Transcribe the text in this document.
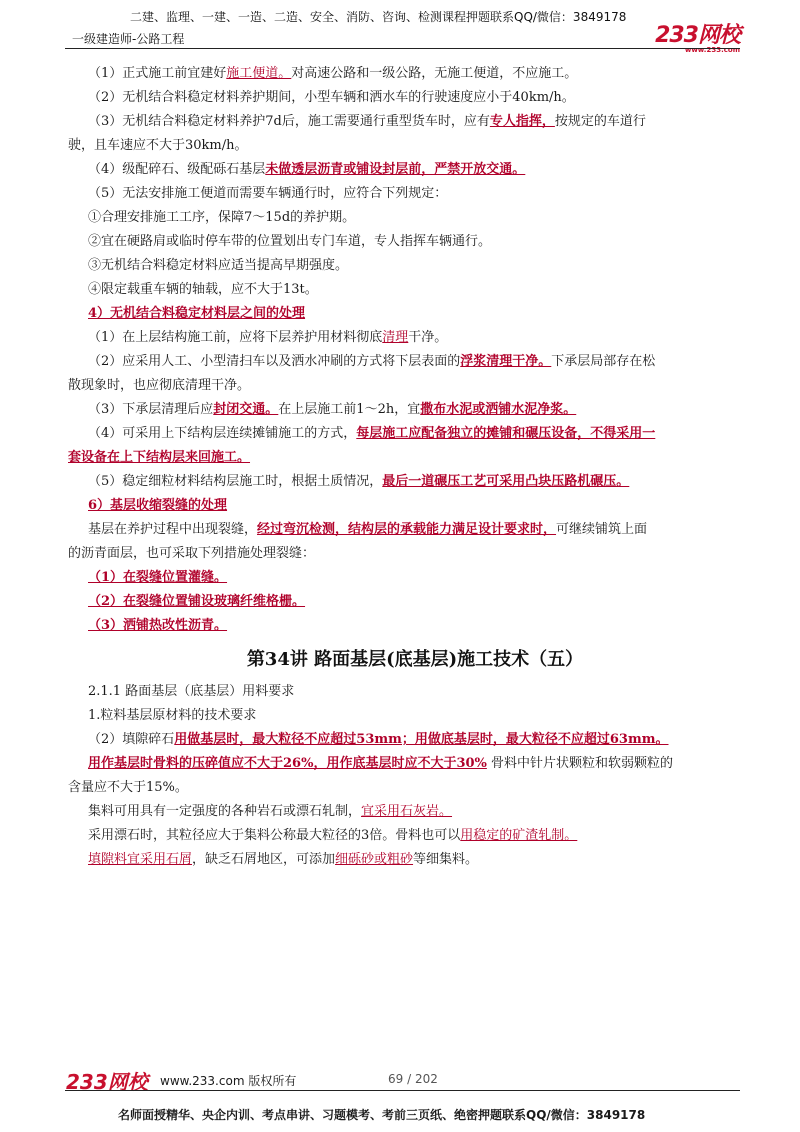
二建、监理、一建、一造、二造、安全、消防、咨询、检测课程押题联系QQ/微信：3849178
一级建造师-公路工程	233网校
www.233.com
（1）正式施工前宜建好施工便道。对高速公路和一级公路，无施工便道，不应施工。
（2）无机结合料稳定材料养护期间，小型车辆和洒水车的行驶速度应小于40km/h。
（3）无机结合料稳定材料养护7d后，施工需要通行重型货车时，应有专人指挥，按规定的车道行
驶，且车速应不大于30km/h。
（4）级配碎石、级配砾石基层未做透层沥青或铺设封层前，严禁开放交通。
（5）无法安排施工便道而需要车辆通行时，应符合下列规定：
①合理安排施工工序，保障7～15d的养护期。
②宜在硬路肩或临时停车带的位置划出专门车道，专人指挥车辆通行。
③无机结合料稳定材料应适当提高早期强度。
④限定载重车辆的轴载，应不大于13t。
4）无机结合料稳定材料层之间的处理
（1）在上层结构施工前，应将下层养护用材料彻底清理干净。
（2）应采用人工、小型清扫车以及洒水冲刷的方式将下层表面的浮浆清理干净。下承层局部存在松
散现象时，也应彻底清理干净。
（3）下承层清理后应封闭交通。在上层施工前1～2h，宜撒布水泥或洒铺水泥净浆。
（4）可采用上下结构层连续摊铺施工的方式，每层施工应配备独立的摊铺和碾压设备，不得采用一
套设备在上下结构层来回施工。
（5）稳定细粒材料结构层施工时，根据土质情况，最后一道碾压工艺可采用凸块压路机碾压。
6）基层收缩裂缝的处理
基层在养护过程中出现裂缝，经过弯沉检测，结构层的承载能力满足设计要求时，可继续铺筑上面
的沥青面层，也可采取下列措施处理裂缝：
（1）在裂缝位置灌缝。
（2）在裂缝位置铺设玻璃纤维格栅。
（3）洒铺热改性沥青。
第34讲 路面基层(底基层)施工技术（五）
2.1.1 路面基层（底基层）用料要求
1.粒料基层原材料的技术要求
（2）填隙碎石用做基层时，最大粒径不应超过53mm；用做底基层时，最大粒径不应超过63mm。
用作基层时骨料的压碎值应不大于26%，用作底基层时应不大于30% 骨料中针片状颗粒和软弱颗粒的
含量应不大于15%。
集料可用具有一定强度的各种岩石或漂石轧制，宜采用石灰岩。
采用漂石时，其粒径应大于集料公称最大粒径的3倍。骨料也可以用稳定的矿渣轧制。
填隙料宜采用石屑，缺乏石屑地区，可添加细砾砂或粗砂等细集料。
233网校 www.233.com 版权所有	69 / 202
名师面授精华、央企内训、考点串讲、习题模考、考前三页纸、绝密押题联系QQ/微信：3849178
